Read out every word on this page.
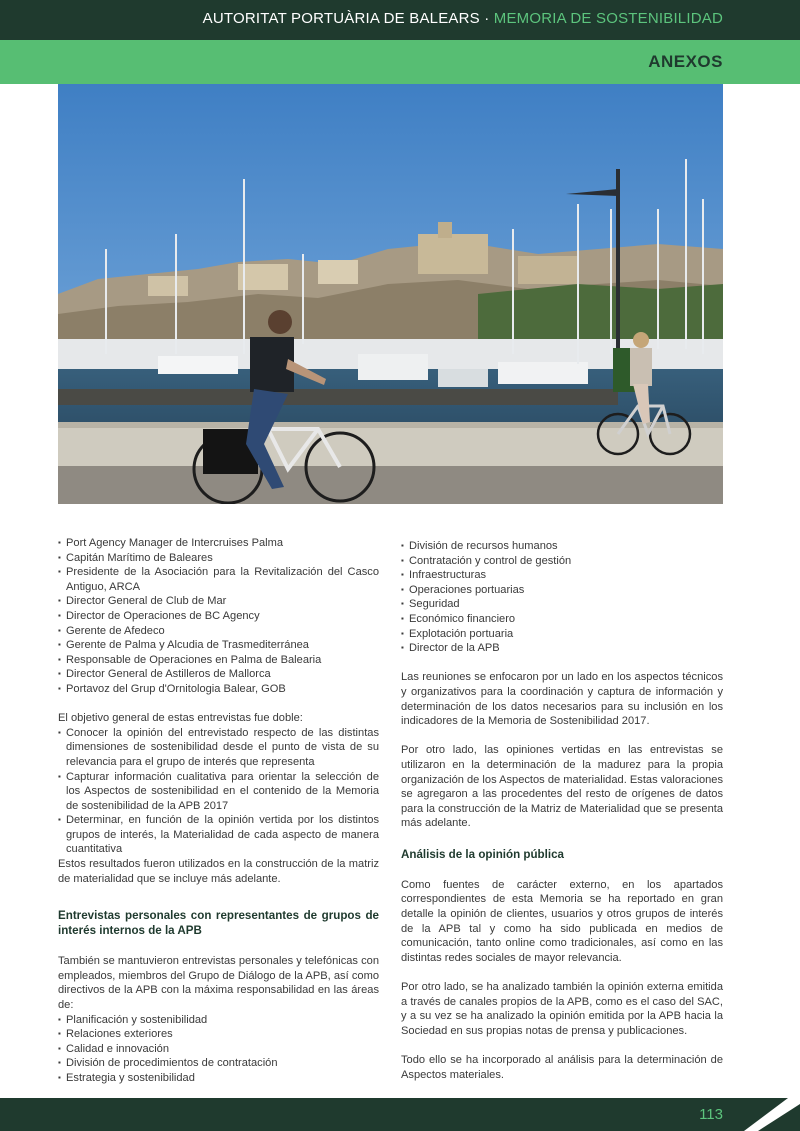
AUTORITAT PORTUÀRIA DE BALEARS · MEMORIA DE SOSTENIBILIDAD
ANEXOS
▪ Port Agency Manager de Intercruises Palma
▪ Capitán Marítimo de Baleares
▪ Presidente de la Asociación para la Revitalización del Casco Antiguo, ARCA
▪ Director General de Club de Mar
▪ Director de Operaciones de BC Agency
▪ Gerente de Afedeco
▪ Gerente de Palma y Alcudia de Trasmediterránea
▪ Responsable de Operaciones en Palma de Balearia
▪ Director General de Astilleros de Mallorca
▪ Portavoz del Grup d'Ornitologia Balear, GOB

El objetivo general de estas entrevistas fue doble:

▪ Conocer la opinión del entrevistado respecto de las distintas dimensiones de sostenibilidad desde el punto de vista de su relevancia para el grupo de interés que representa
▪ Capturar información cualitativa para orientar la selección de los Aspectos de sostenibilidad en el contenido de la Memoria de sostenibilidad de la APB 2017
▪ Determinar, en función de la opinión vertida por los distintos grupos de interés, la Materialidad de cada aspecto de manera cuantitativa

Estos resultados fueron utilizados en la construcción de la matriz de materialidad que se incluye más adelante.

Entrevistas personales con representantes de grupos de interés internos de la APB

También se mantuvieron entrevistas personales y telefónicas con empleados, miembros del Grupo de Diálogo de la APB, así como directivos de la APB con la máxima responsabilidad en las áreas de:

▪ Planificación y sostenibilidad
▪ Relaciones exteriores
▪ Calidad e innovación
▪ División de procedimientos de contratación
▪ Estrategia y sostenibilidad
▪ División de recursos humanos
▪ Contratación y control de gestión
▪ Infraestructuras
▪ Operaciones portuarias
▪ Seguridad
▪ Económico financiero
▪ Explotación portuaria
▪ Director de la APB

Las reuniones se enfocaron por un lado en los aspectos técnicos y organizativos para la coordinación y captura de información y determinación de los datos necesarios para su inclusión en los indicadores de la Memoria de Sostenibilidad 2017.

Por otro lado, las opiniones vertidas en las entrevistas se utilizaron en la determinación de la madurez para la propia organización de los Aspectos de materialidad. Estas valoraciones se agregaron a las procedentes del resto de orígenes de datos para la construcción de la Matriz de Materialidad que se presenta más adelante.

Análisis de la opinión pública

Como fuentes de carácter externo, en los apartados correspondientes de esta Memoria se ha reportado en gran detalle la opinión de clientes, usuarios y otros grupos de interés de la APB tal y como ha sido publicada en medios de comunicación, tanto online como tradicionales, así como en las distintas redes sociales de mayor relevancia.

Por otro lado, se ha analizado también la opinión externa emitida a través de canales propios de la APB, como es el caso del SAC, y a su vez se ha analizado la opinión emitida por la APB hacia la Sociedad en sus propias notas de prensa y publicaciones.

Todo ello se ha incorporado al análisis para la determinación de Aspectos materiales.

113
